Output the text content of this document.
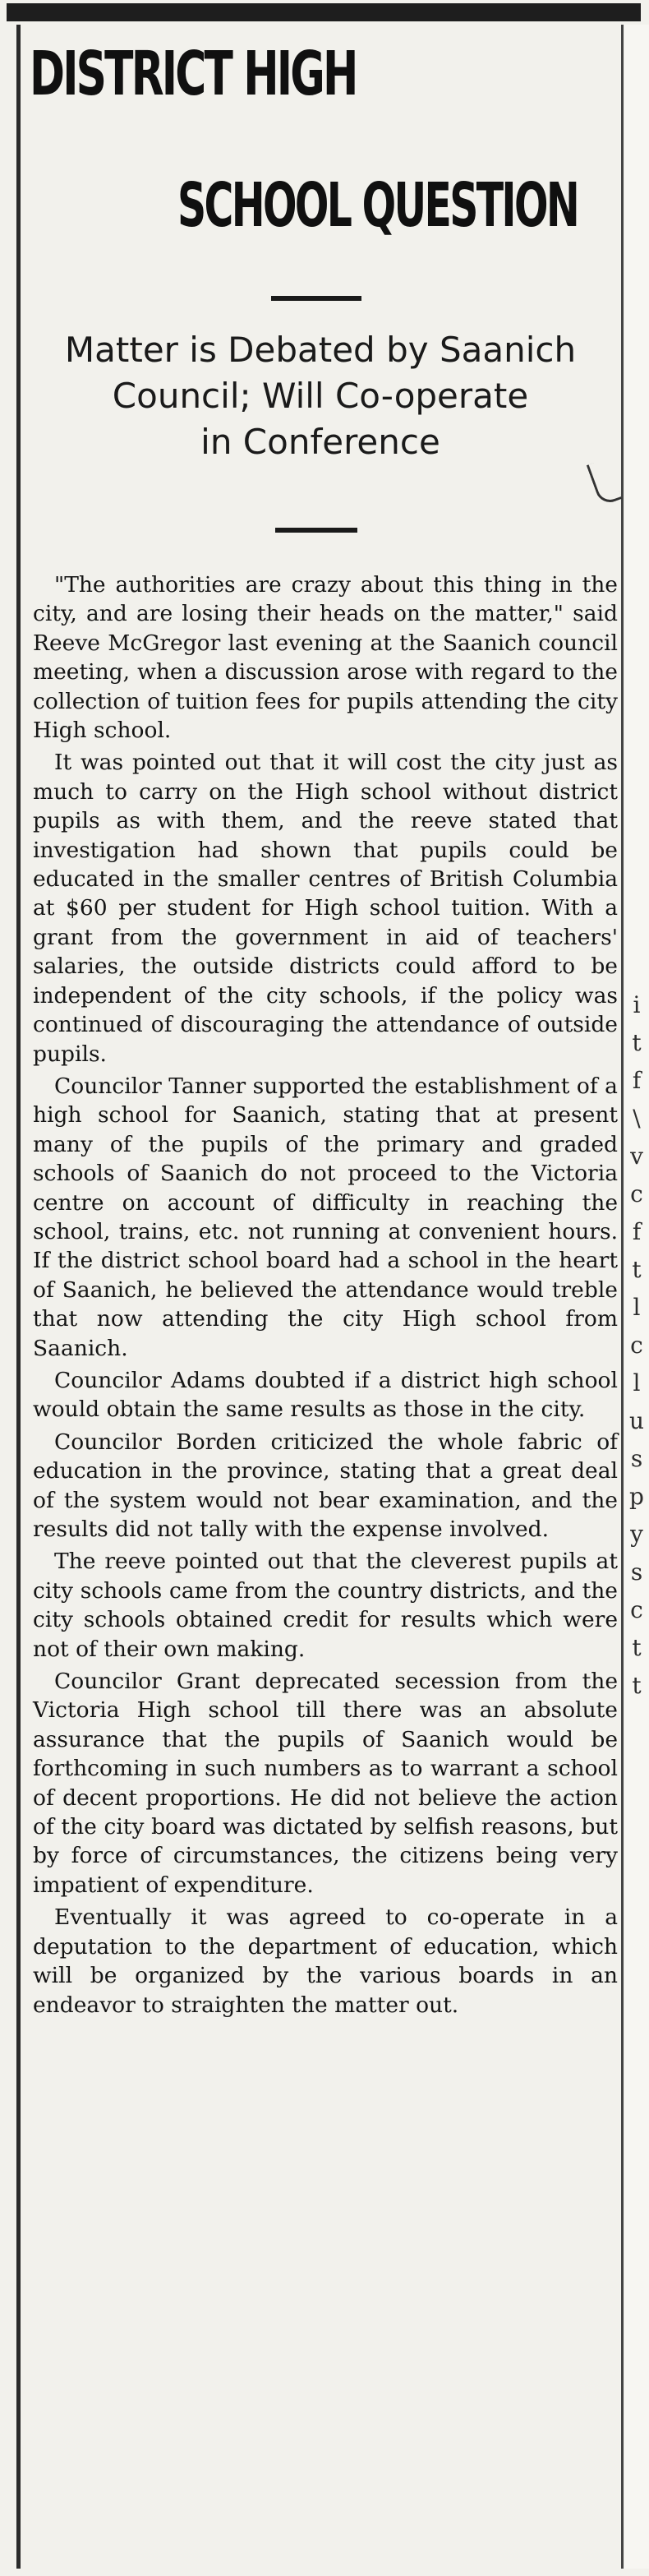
i
t
f
\
v
c
f
t
l
c
l
u
s
p
y
s
c
t
t
DISTRICT HIGH
SCHOOL QUESTION
Matter is Debated by Saanich
Council; Will Co-operate
in Conference

"The authorities are crazy about this thing in the city, and are losing their heads on the matter," said Reeve McGregor last evening at the Saanich council meeting, when a discussion arose with regard to the collection of tuition fees for pupils attending the city High school.

It was pointed out that it will cost the city just as much to carry on the High school without district pupils as with them, and the reeve stated that investigation had shown that pupils could be educated in the smaller centres of British Columbia at $60 per student for High school tuition. With a grant from the government in aid of teachers' salaries, the outside districts could afford to be independent of the city schools, if the policy was continued of discouraging the attendance of outside pupils.

Councilor Tanner supported the establishment of a high school for Saanich, stating that at present many of the pupils of the primary and graded schools of Saanich do not proceed to the Victoria centre on account of difficulty in reaching the school, trains, etc. not running at convenient hours. If the district school board had a school in the heart of Saanich, he believed the attendance would treble that now attending the city High school from Saanich.

Councilor Adams doubted if a district high school would obtain the same results as those in the city.

Councilor Borden criticized the whole fabric of education in the province, stating that a great deal of the system would not bear examination, and the results did not tally with the expense involved.

The reeve pointed out that the cleverest pupils at city schools came from the country districts, and the city schools obtained credit for results which were not of their own making.

Councilor Grant deprecated secession from the Victoria High school till there was an absolute assurance that the pupils of Saanich would be forthcoming in such numbers as to warrant a school of decent proportions. He did not believe the action of the city board was dictated by selfish reasons, but by force of circumstances, the citizens being very impatient of expenditure.

Eventually it was agreed to co-operate in a deputation to the department of education, which will be organized by the various boards in an endeavor to straighten the matter out.
